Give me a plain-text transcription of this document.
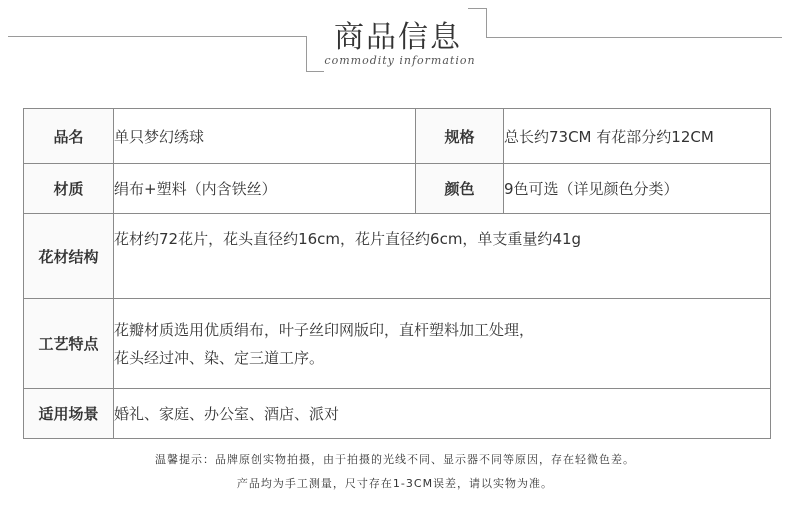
商品信息
commodity information
品名	单只梦幻绣球	规格	总长约73CM 有花部分约12CM
材质	绢布+塑料（内含铁丝）	颜色	9色可选（详见颜色分类）
花材结构	花材约72花片，花头直径约16cm，花片直径约6cm，单支重量约41g		
工艺特点	花瓣材质选用优质绢布，叶子丝印网版印，直杆塑料加工处理，
花头经过冲、染、定三道工序。		

适用场景	婚礼、家庭、办公室、酒店、派对		
温馨提示：品牌原创实物拍摄，由于拍摄的光线不同、显示器不同等原因，存在轻微色差。
产品均为手工测量，尺寸存在1-3CM误差，请以实物为准。
